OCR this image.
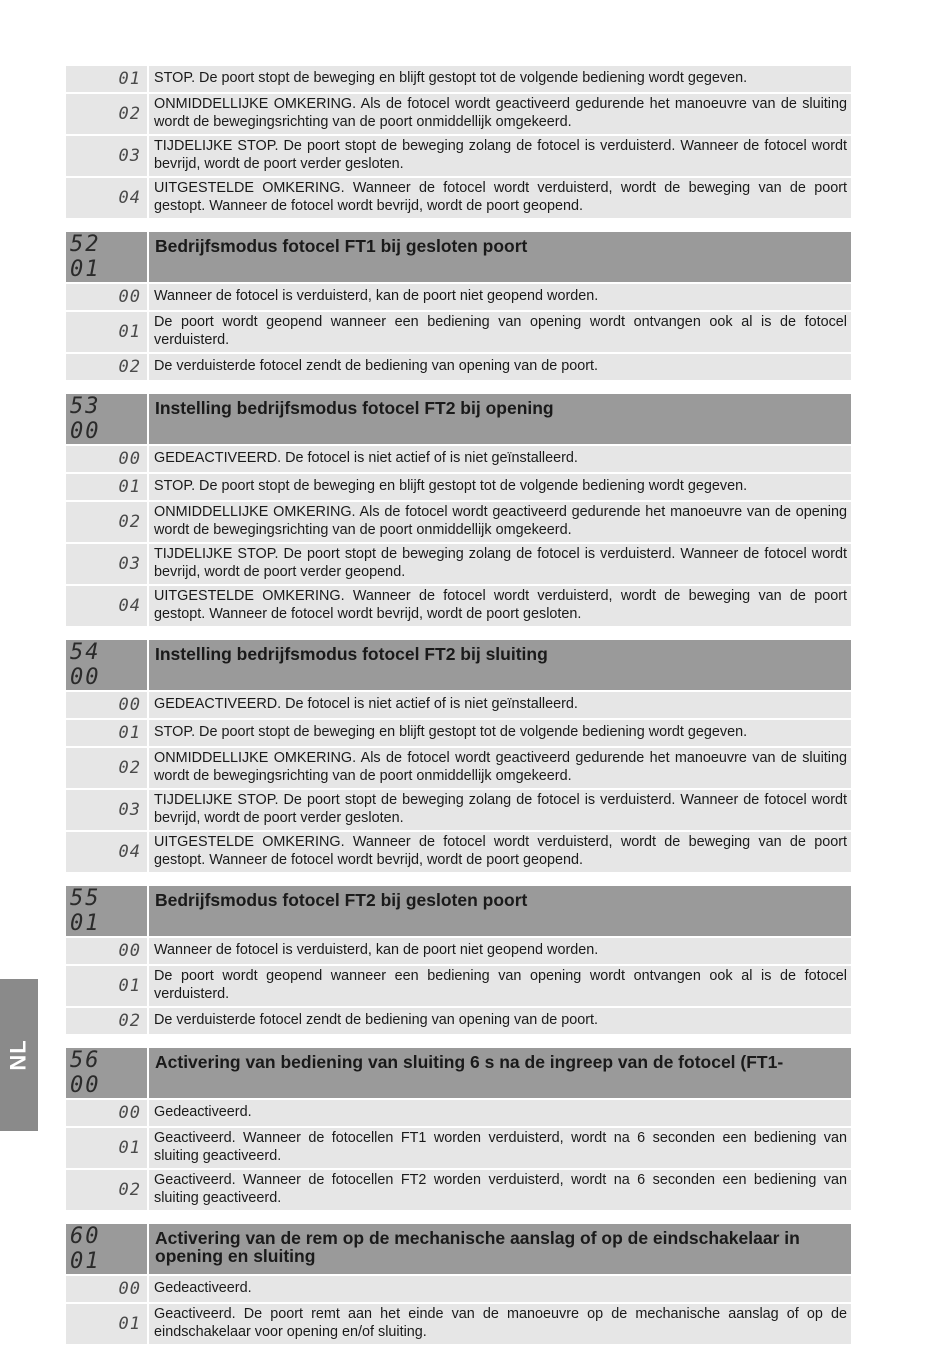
01 STOP. De poort stopt de beweging en blijft gestopt tot de volgende bediening wordt gegeven.
02 ONMIDDELLIJKE OMKERING. Als de fotocel wordt geactiveerd gedurende het manoeuvre van de sluiting wordt de bewegingsrichting van de poort onmiddellijk omgekeerd.
03 TIJDELIJKE STOP. De poort stopt de beweging zolang de fotocel is verduisterd. Wanneer de fotocel wordt bevrijd, wordt de poort verder gesloten.
04 UITGESTELDE OMKERING. Wanneer de fotocel wordt verduisterd, wordt de beweging van de poort gestopt. Wanneer de fotocel wordt bevrijd, wordt de poort geopend.
52 01
Bedrijfsmodus fotocel FT1 bij gesloten poort
00 Wanneer de fotocel is verduisterd, kan de poort niet geopend worden.
01 De poort wordt geopend wanneer een bediening van opening wordt ontvangen ook al is de fotocel verduisterd.
02 De verduisterde fotocel zendt de bediening van opening van de poort.
53 00
Instelling bedrijfsmodus fotocel FT2 bij opening
00 GEDEACTIVEERD. De fotocel is niet actief of is niet geïnstalleerd.
01 STOP. De poort stopt de beweging en blijft gestopt tot de volgende bediening wordt gegeven.
02 ONMIDDELLIJKE OMKERING. Als de fotocel wordt geactiveerd gedurende het manoeuvre van de opening wordt de bewegingsrichting van de poort onmiddellijk omgekeerd.
03 TIJDELIJKE STOP. De poort stopt de beweging zolang de fotocel is verduisterd. Wanneer de fotocel wordt bevrijd, wordt de poort verder geopend.
04 UITGESTELDE OMKERING. Wanneer de fotocel wordt verduisterd, wordt de beweging van de poort gestopt. Wanneer de fotocel wordt bevrijd, wordt de poort gesloten.
54 00
Instelling bedrijfsmodus fotocel FT2 bij sluiting
00 GEDEACTIVEERD. De fotocel is niet actief of is niet geïnstalleerd.
01 STOP. De poort stopt de beweging en blijft gestopt tot de volgende bediening wordt gegeven.
02 ONMIDDELLIJKE OMKERING. Als de fotocel wordt geactiveerd gedurende het manoeuvre van de sluiting wordt de bewegingsrichting van de poort onmiddellijk omgekeerd.
03 TIJDELIJKE STOP. De poort stopt de beweging zolang de fotocel is verduisterd. Wanneer de fotocel wordt bevrijd, wordt de poort verder gesloten.
04 UITGESTELDE OMKERING. Wanneer de fotocel wordt verduisterd, wordt de beweging van de poort gestopt. Wanneer de fotocel wordt bevrijd, wordt de poort geopend.
55 01
Bedrijfsmodus fotocel FT2 bij gesloten poort
00 Wanneer de fotocel is verduisterd, kan de poort niet geopend worden.
01 De poort wordt geopend wanneer een bediening van opening wordt ontvangen ook al is de fotocel verduisterd.
02 De verduisterde fotocel zendt de bediening van opening van de poort.
56 00
Activering van bediening van sluiting 6 s na de ingreep van de fotocel (FT1-
00 Gedeactiveerd.
01 Geactiveerd. Wanneer de fotocellen FT1 worden verduisterd, wordt na 6 seconden een bediening van sluiting geactiveerd.
02 Geactiveerd. Wanneer de fotocellen FT2 worden verduisterd, wordt na 6 seconden een bediening van sluiting geactiveerd.
60 01
Activering van de rem op de mechanische aanslag of op de eindschakelaar in opening en sluiting
00 Gedeactiveerd.
01 Geactiveerd. De poort remt aan het einde van de manoeuvre op de mechanische aanslag of op de eindschakelaar voor opening en/of sluiting.
NL
